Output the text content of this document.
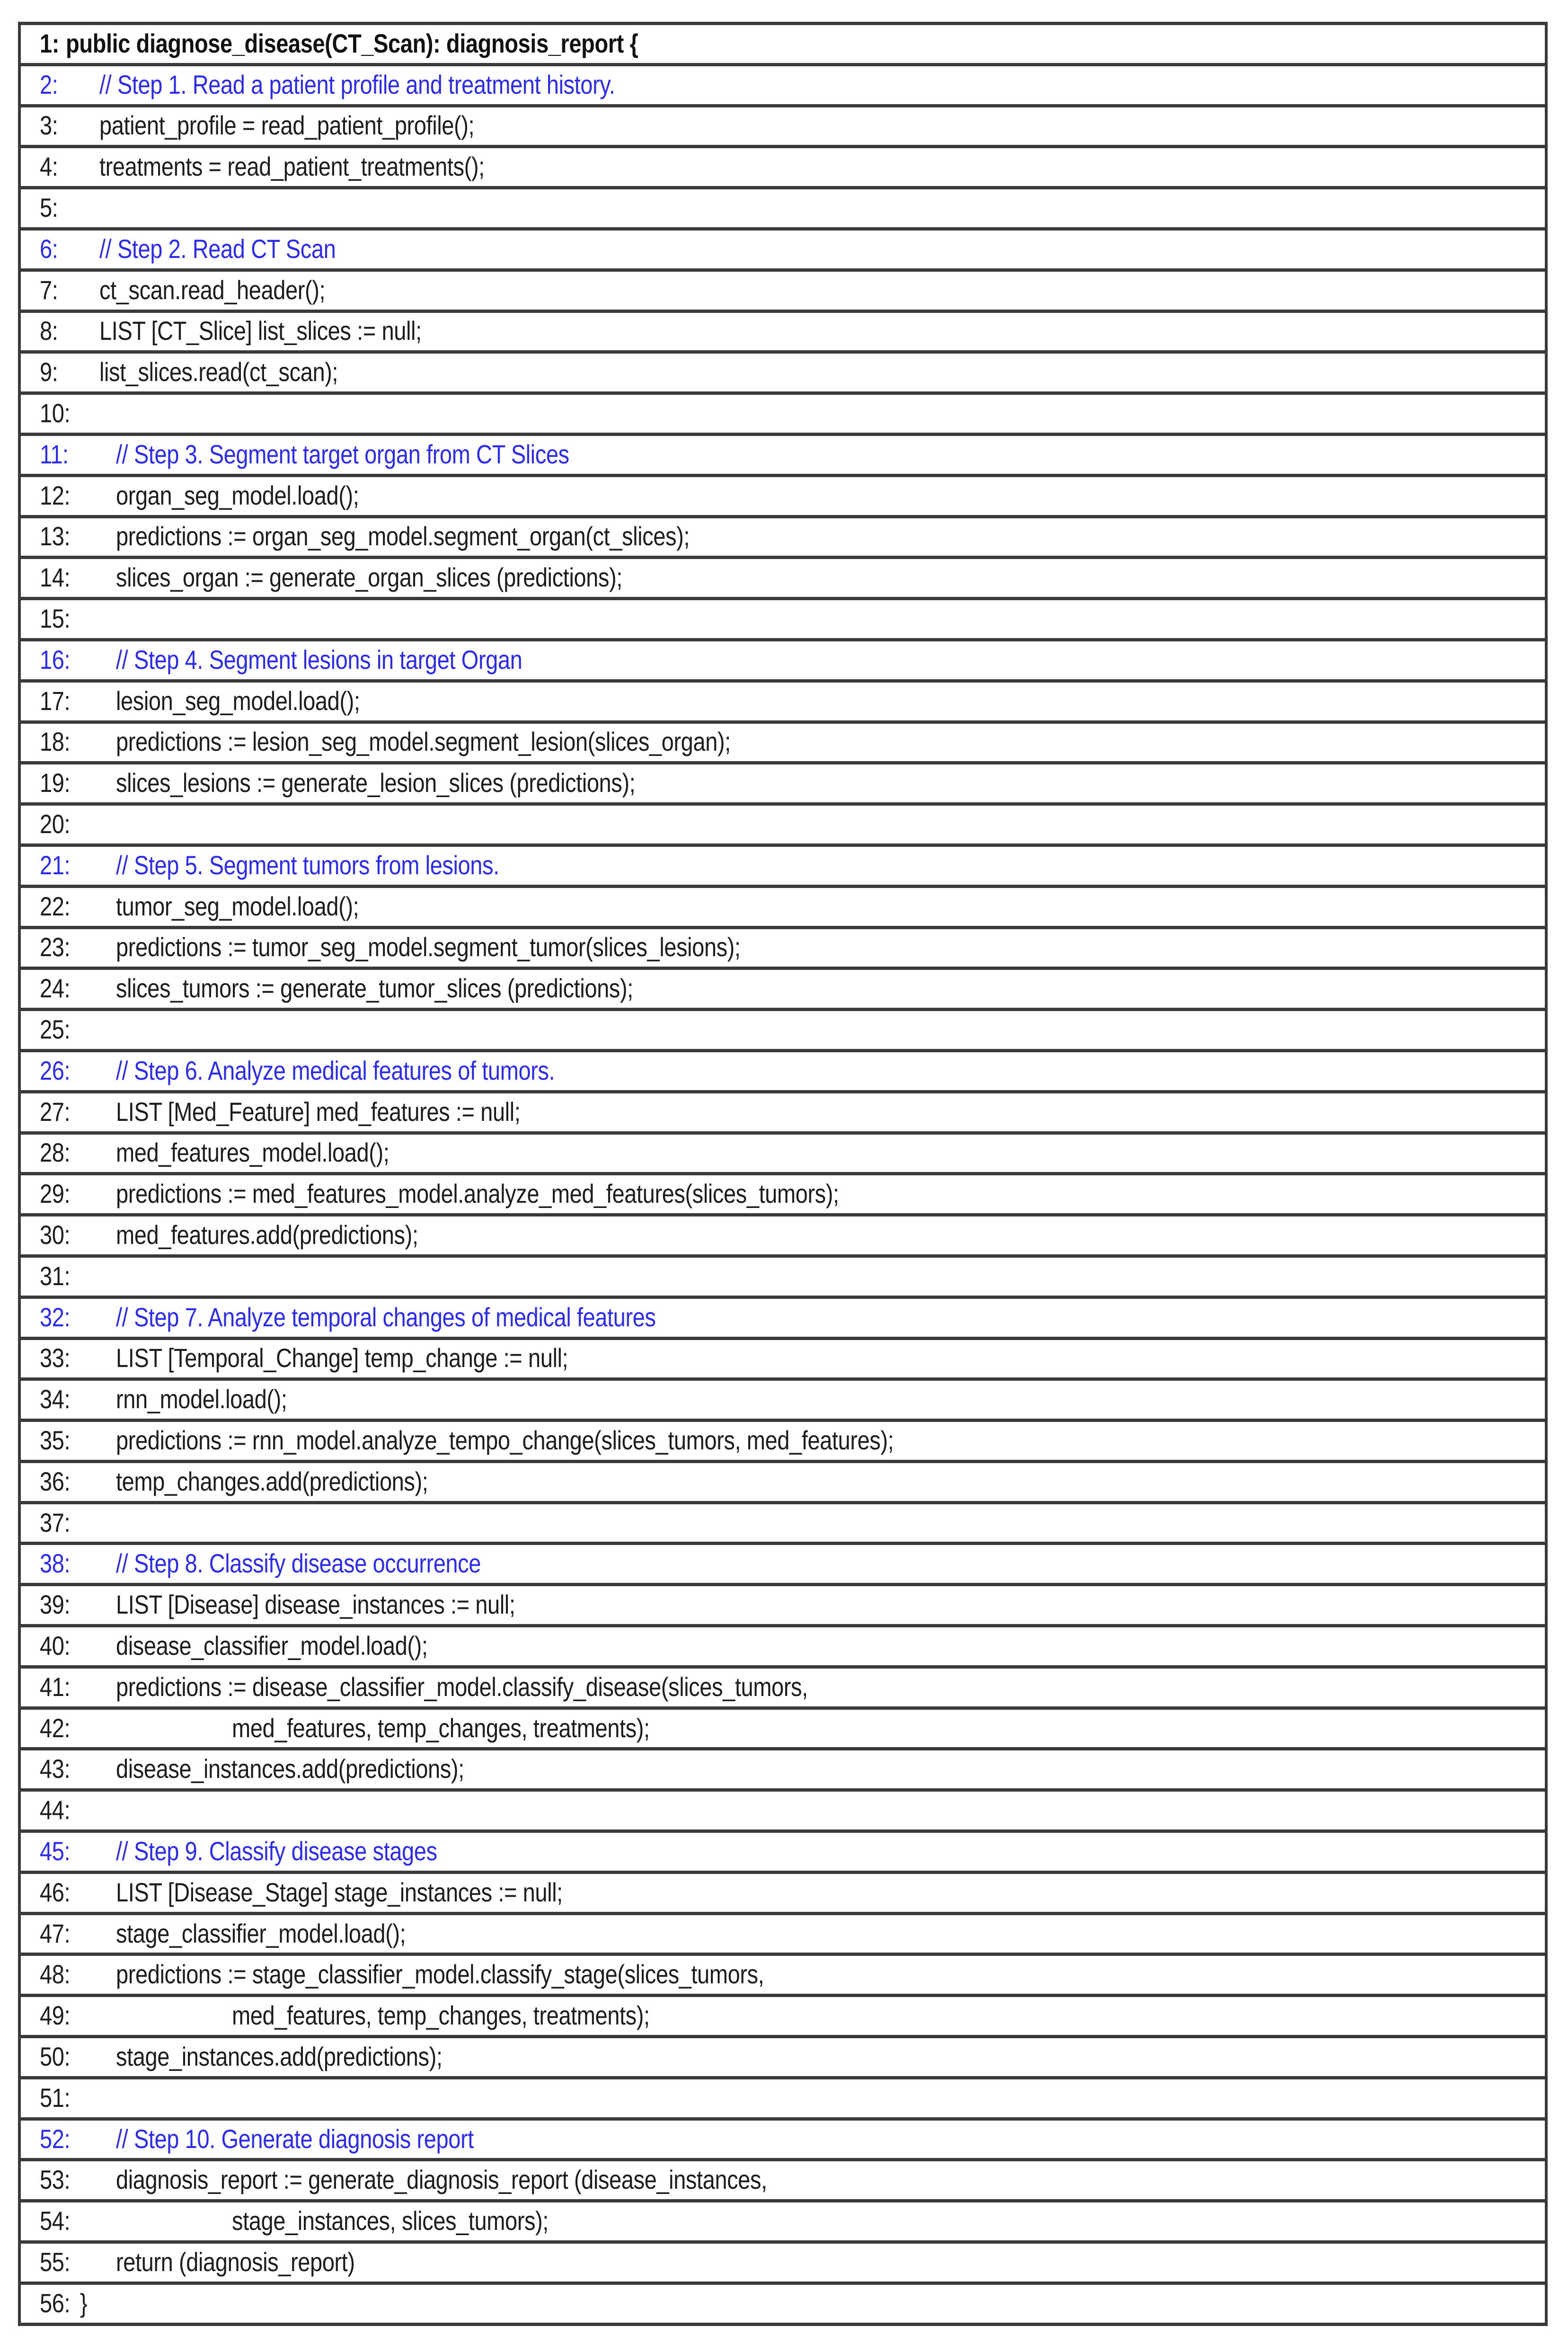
1: public diagnose_disease(CT_Scan): diagnosis_report {
2: // Step 1. Read a patient profile and treatment history.
3: patient_profile = read_patient_profile();
4: treatments = read_patient_treatments();
5:
6: // Step 2. Read CT Scan
7: ct_scan.read_header();
8: LIST [CT_Slice] list_slices := null;
9: list_slices.read(ct_scan);
10:
11: // Step 3. Segment target organ from CT Slices
12: organ_seg_model.load();
13: predictions := organ_seg_model.segment_organ(ct_slices);
14: slices_organ := generate_organ_slices (predictions);
15:
16: // Step 4. Segment lesions in target Organ
17: lesion_seg_model.load();
18: predictions := lesion_seg_model.segment_lesion(slices_organ);
19: slices_lesions := generate_lesion_slices (predictions);
20:
21: // Step 5. Segment tumors from lesions.
22: tumor_seg_model.load();
23: predictions := tumor_seg_model.segment_tumor(slices_lesions);
24: slices_tumors := generate_tumor_slices (predictions);
25:
26: // Step 6. Analyze medical features of tumors.
27: LIST [Med_Feature] med_features := null;
28: med_features_model.load();
29: predictions := med_features_model.analyze_med_features(slices_tumors);
30: med_features.add(predictions);
31:
32: // Step 7. Analyze temporal changes of medical features
33: LIST [Temporal_Change] temp_change := null;
34: rnn_model.load();
35: predictions := rnn_model.analyze_tempo_change(slices_tumors, med_features);
36: temp_changes.add(predictions);
37:
38: // Step 8. Classify disease occurrence
39: LIST [Disease] disease_instances := null;
40: disease_classifier_model.load();
41: predictions := disease_classifier_model.classify_disease(slices_tumors,
42:	med_features, temp_changes, treatments);
43: disease_instances.add(predictions);
44:
45: // Step 9. Classify disease stages
46: LIST [Disease_Stage] stage_instances := null;
47: stage_classifier_model.load();
48: predictions := stage_classifier_model.classify_stage(slices_tumors,
49:	med_features, temp_changes, treatments);
50: stage_instances.add(predictions);
51:
52: // Step 10. Generate diagnosis report
53: diagnosis_report := generate_diagnosis_report (disease_instances,
54:	stage_instances, slices_tumors);
55: return (diagnosis_report)
56: }
